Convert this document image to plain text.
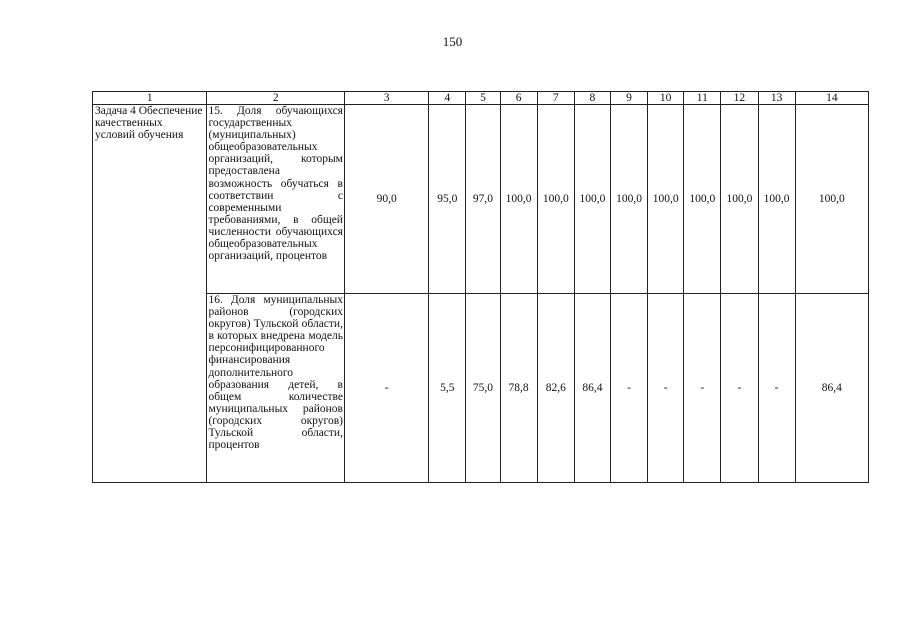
150
1	2	3	4	5	6	7	8	9	10	11	12	13	14
Задача 4 Обеспечение качественных условий обучения	15. Доля обучающихся государственных (муниципальных) общеобразовательных организаций, которым предоставлена возможность обучаться в соответствии с современными требованиями, в общей численности обучающихся общеобразовательных организаций, процентов	90,0	95,0	97,0	100,0	100,0	100,0	100,0	100,0	100,0	100,0	100,0	100,0
	16. Доля муниципальных районов (городских округов) Тульской области, в которых внедрена модель персонифицированного финансирования дополнительного образования детей, в общем количестве муниципальных районов (городских округов) Тульской области, процентов	-	5,5	75,0	78,8	82,6	86,4	-	-	-	-	-	86,4
